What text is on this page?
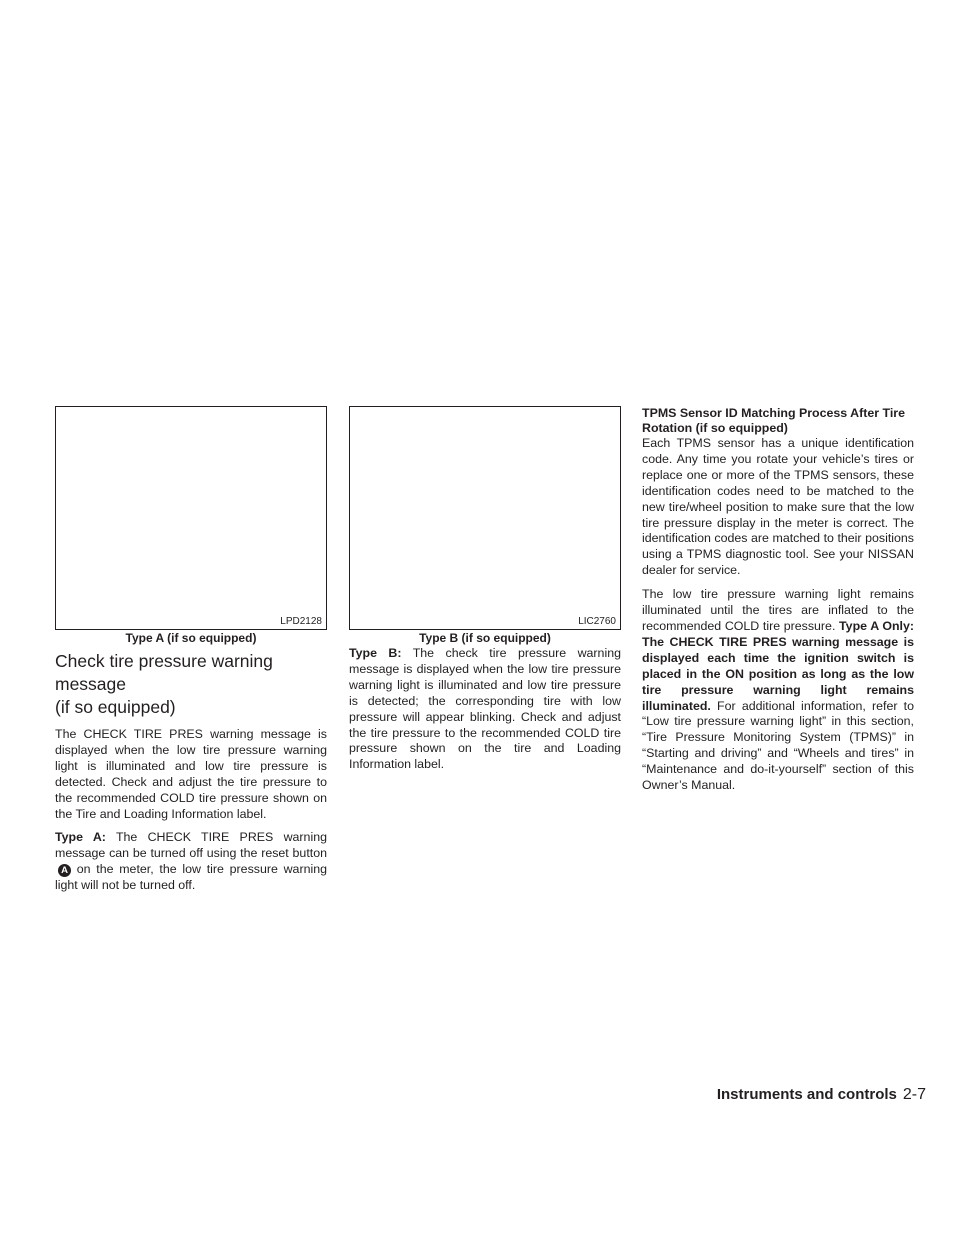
LPD2128
Type A (if so equipped)
Check tire pressure warning message
(if so equipped)

The CHECK TIRE PRES warning message is displayed when the low tire pressure warning light is illuminated and low tire pressure is detected. Check and adjust the tire pressure to the recommended COLD tire pressure shown on the Tire and Loading Information label.

Type A: The CHECK TIRE PRES warning message can be turned off using the reset buttonA on the meter, the low tire pressure warning light will not be turned off.

LIC2760
Type B (if so equipped)

Type B: The check tire pressure warning message is displayed when the low tire pressure warning light is illuminated and low tire pressure is detected; the corresponding tire with low pressure will appear blinking. Check and adjust the tire pressure to the recommended COLD tire pressure shown on the tire and Loading Information label.

TPMS Sensor ID Matching Process After Tire Rotation (if so equipped)

Each TPMS sensor has a unique identification code. Any time you rotate your vehicle’s tires or replace one or more of the TPMS sensors, these identification codes need to be matched to the new tire/wheel position to make sure that the low tire pressure display in the meter is correct. The identification codes are matched to their positions using a TPMS diagnostic tool. See your NISSAN dealer for service.

The low tire pressure warning light remains illuminated until the tires are inflated to the recommended COLD tire pressure. Type A Only: The CHECK TIRE PRES warning message is displayed each time the ignition switch is placed in the ON position as long as the low tire pressure warning light remains illuminated. For additional information, refer to “Low tire pressure warning light” in this section, “Tire Pressure Monitoring System (TPMS)” in “Starting and driving” and “Wheels and tires” in “Maintenance and do-it-yourself” section of this Owner’s Manual.

Instruments and controls 2-7
